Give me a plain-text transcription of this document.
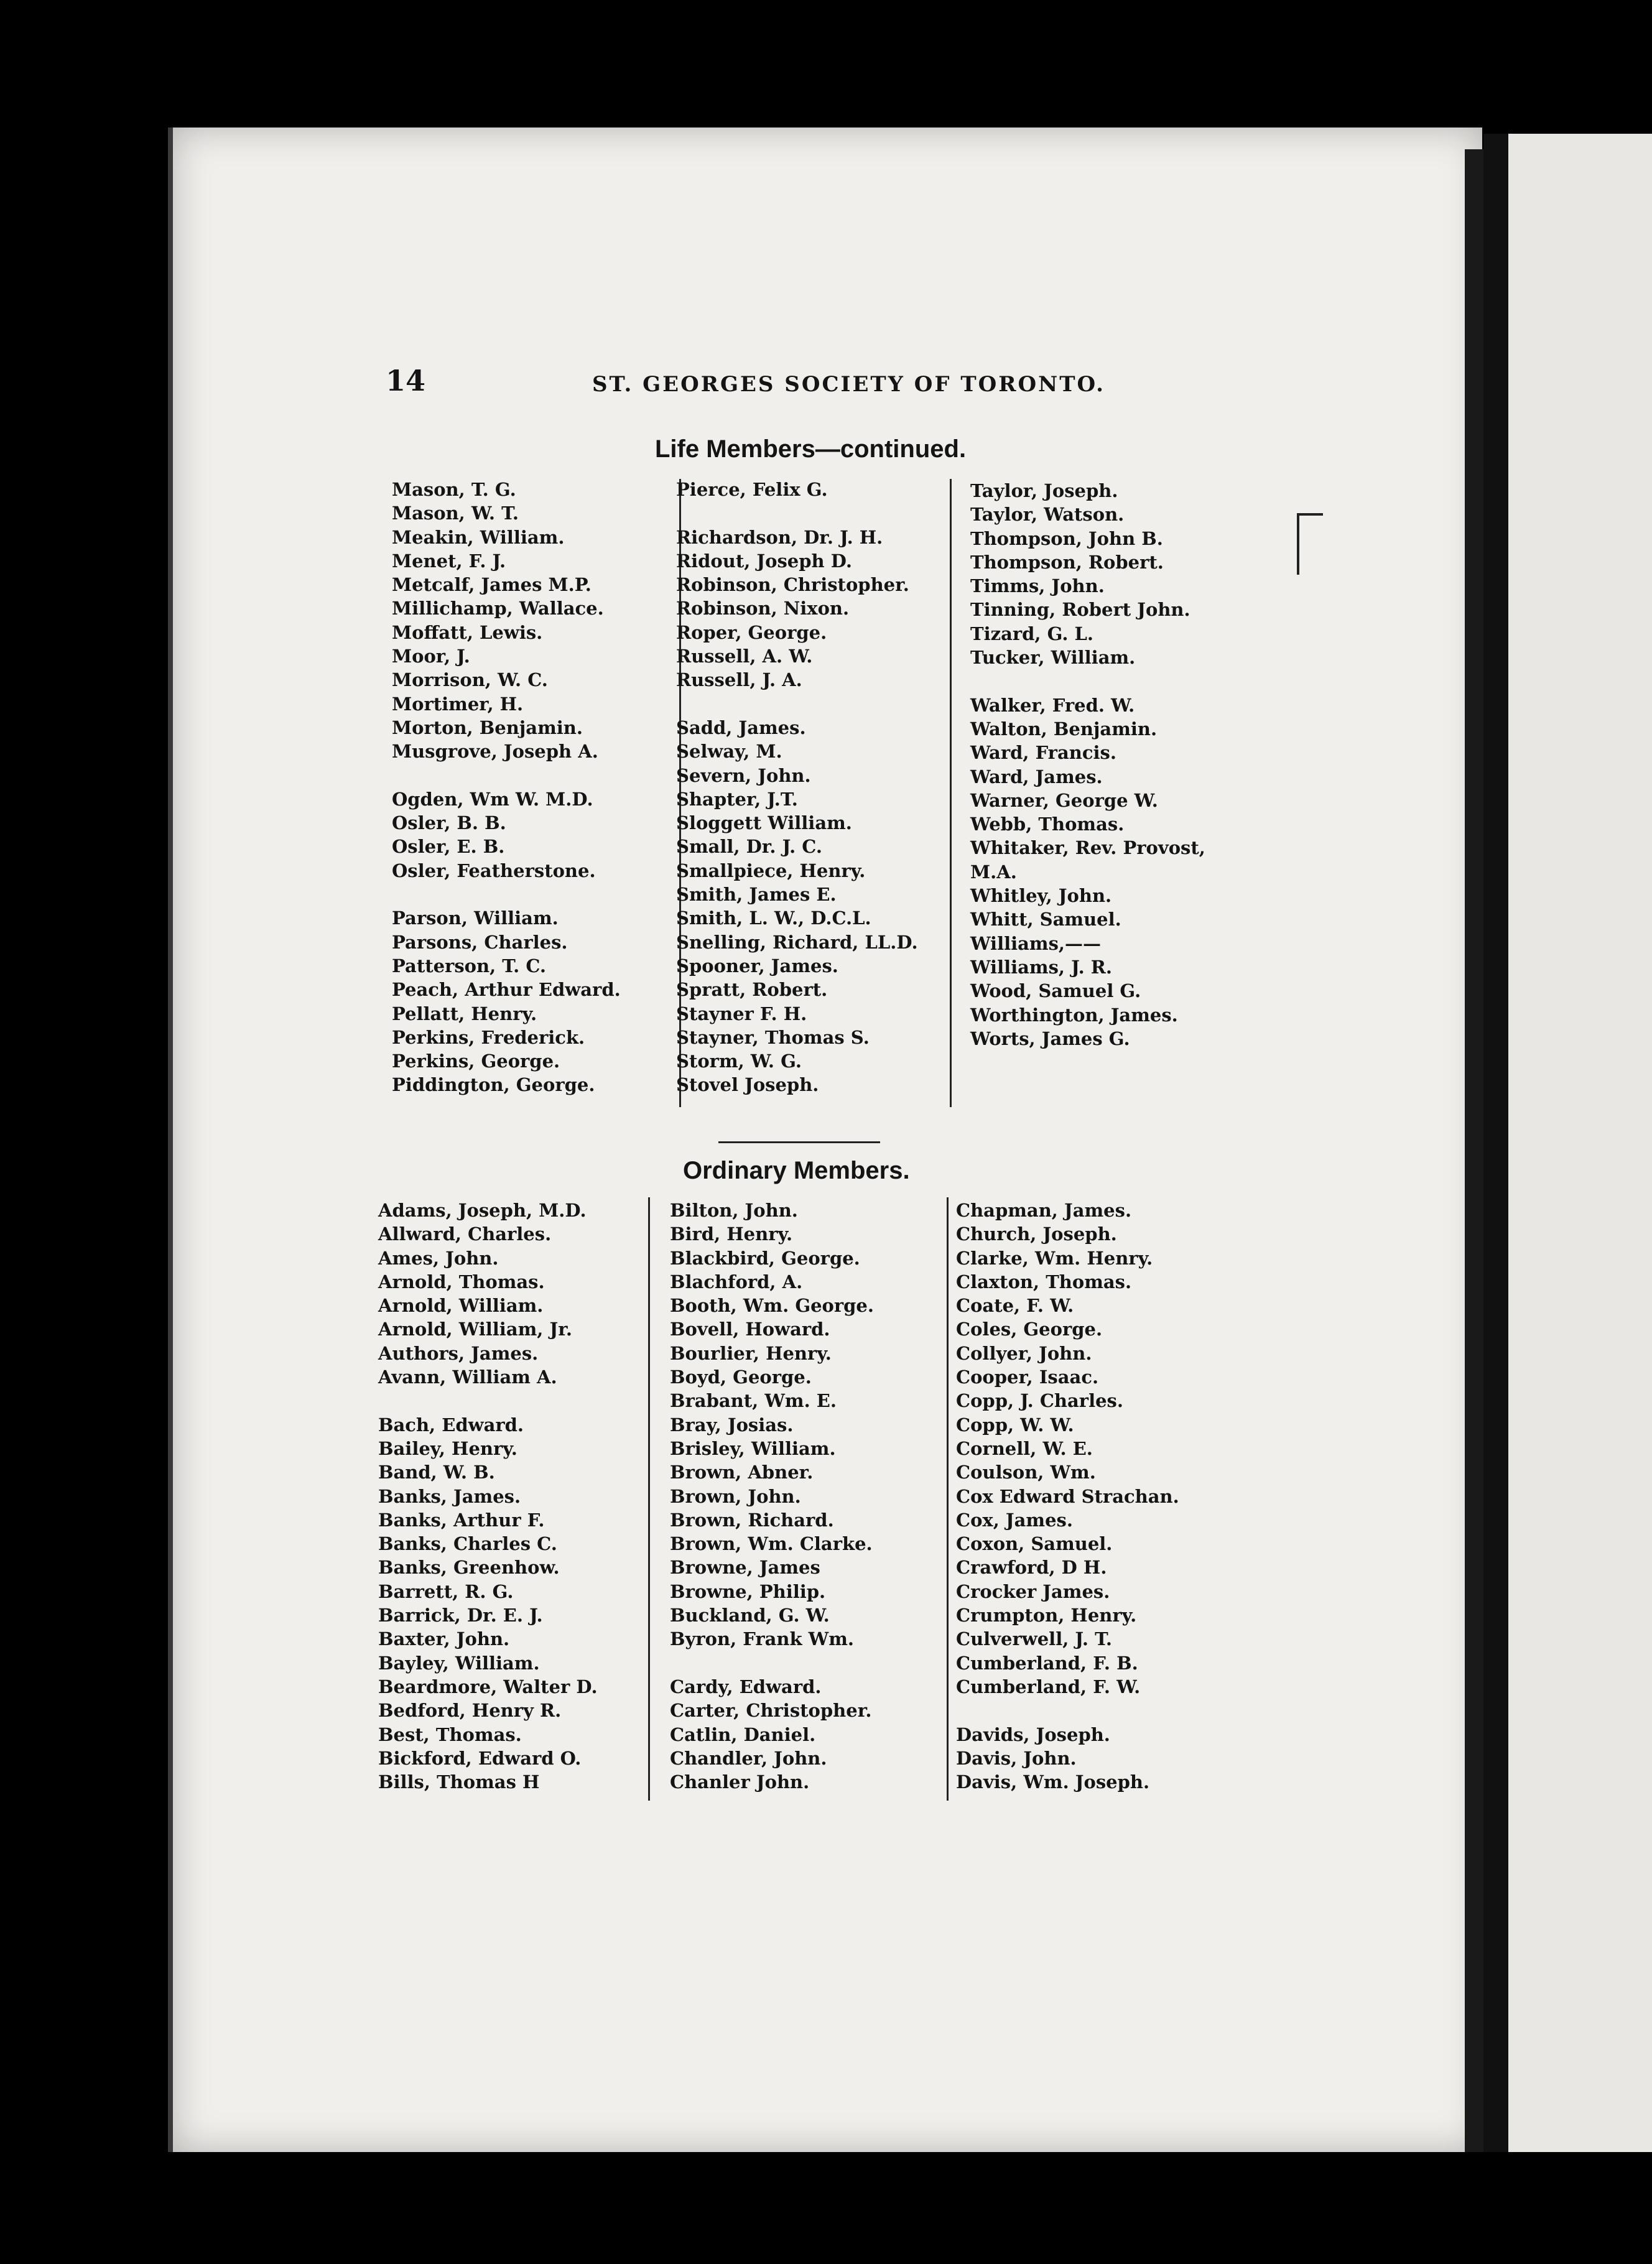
14	ST. GEORGES SOCIETY OF TORONTO.
Life Members—continued.
Mason, T. G.
Mason, W. T.
Meakin, William.
Menet, F. J.
Metcalf, James M.P.
Millichamp, Wallace.
Moffatt, Lewis.
Moor, J.
Morrison, W. C.
Mortimer, H.
Morton, Benjamin.
Musgrove, Joseph A.
Ogden, Wm W. M.D.
Osler, B. B.
Osler, E. B.
Osler, Featherstone.
Parson, William.
Parsons, Charles.
Patterson, T. C.
Peach, Arthur Edward.
Pellatt, Henry.
Perkins, Frederick.
Perkins, George.
Piddington, George.
Pierce, Felix G.
Richardson, Dr. J. H.
Ridout, Joseph D.
Robinson, Christopher.
Robinson, Nixon.
Roper, George.
Russell, A. W.
Russell, J. A.
Sadd, James.
Selway, M.
Severn, John.
Shapter, J.T.
Sloggett William.
Small, Dr. J. C.
Smallpiece, Henry.
Smith, James E.
Smith, L. W., D.C.L.
Snelling, Richard, LL.D.
Spooner, James.
Spratt, Robert.
Stayner F. H.
Stayner, Thomas S.
Storm, W. G.
Stovel Joseph.
Taylor, Joseph.
Taylor, Watson.
Thompson, John B.
Thompson, Robert.
Timms, John.
Tinning, Robert John.
Tizard, G. L.
Tucker, William.
Walker, Fred. W.
Walton, Benjamin.
Ward, Francis.
Ward, James.
Warner, George W.
Webb, Thomas.
Whitaker, Rev. Provost,
M.A.
Whitley, John.
Whitt, Samuel.
Williams,——
Williams, J. R.
Wood, Samuel G.
Worthington, James.
Worts, James G.
Ordinary Members.
Adams, Joseph, M.D.
Allward, Charles.
Ames, John.
Arnold, Thomas.
Arnold, William.
Arnold, William, Jr.
Authors, James.
Avann, William A.
Bach, Edward.
Bailey, Henry.
Band, W. B.
Banks, James.
Banks, Arthur F.
Banks, Charles C.
Banks, Greenhow.
Barrett, R. G.
Barrick, Dr. E. J.
Baxter, John.
Bayley, William.
Beardmore, Walter D.
Bedford, Henry R.
Best, Thomas.
Bickford, Edward O.
Bills, Thomas H
Bilton, John.
Bird, Henry.
Blackbird, George.
Blachford, A.
Booth, Wm. George.
Bovell, Howard.
Bourlier, Henry.
Boyd, George.
Brabant, Wm. E.
Bray, Josias.
Brisley, William.
Brown, Abner.
Brown, John.
Brown, Richard.
Brown, Wm. Clarke.
Browne, James
Browne, Philip.
Buckland, G. W.
Byron, Frank Wm.
Cardy, Edward.
Carter, Christopher.
Catlin, Daniel.
Chandler, John.
Chanler John.
Chapman, James.
Church, Joseph.
Clarke, Wm. Henry.
Claxton, Thomas.
Coate, F. W.
Coles, George.
Collyer, John.
Cooper, Isaac.
Copp, J. Charles.
Copp, W. W.
Cornell, W. E.
Coulson, Wm.
Cox Edward Strachan.
Cox, James.
Coxon, Samuel.
Crawford, D H.
Crocker James.
Crumpton, Henry.
Culverwell, J. T.
Cumberland, F. B.
Cumberland, F. W.
Davids, Joseph.
Davis, John.
Davis, Wm. Joseph.
